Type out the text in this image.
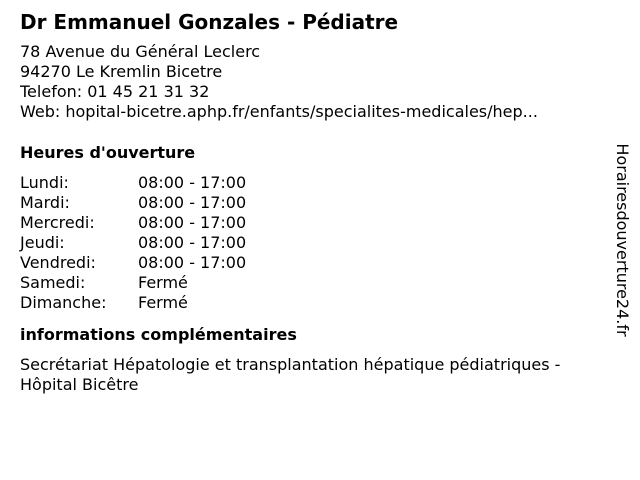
Dr Emmanuel Gonzales - Pédiatre
78 Avenue du Général Leclerc
94270 Le Kremlin Bicetre
Telefon: 01 45 21 31 32
Web: hopital-bicetre.aphp.fr/enfants/specialites-medicales/hep...
Heures d'ouverture
Lundi:	08:00 - 17:00
Mardi:	08:00 - 17:00
Mercredi:	08:00 - 17:00
Jeudi:	08:00 - 17:00
Vendredi:	08:00 - 17:00
Samedi:	Fermé
Dimanche:	Fermé
informations complémentaires
Secrétariat Hépatologie et transplantation hépatique pédiatriques - Hôpital Bicêtre
Horairesdouverture24.fr
